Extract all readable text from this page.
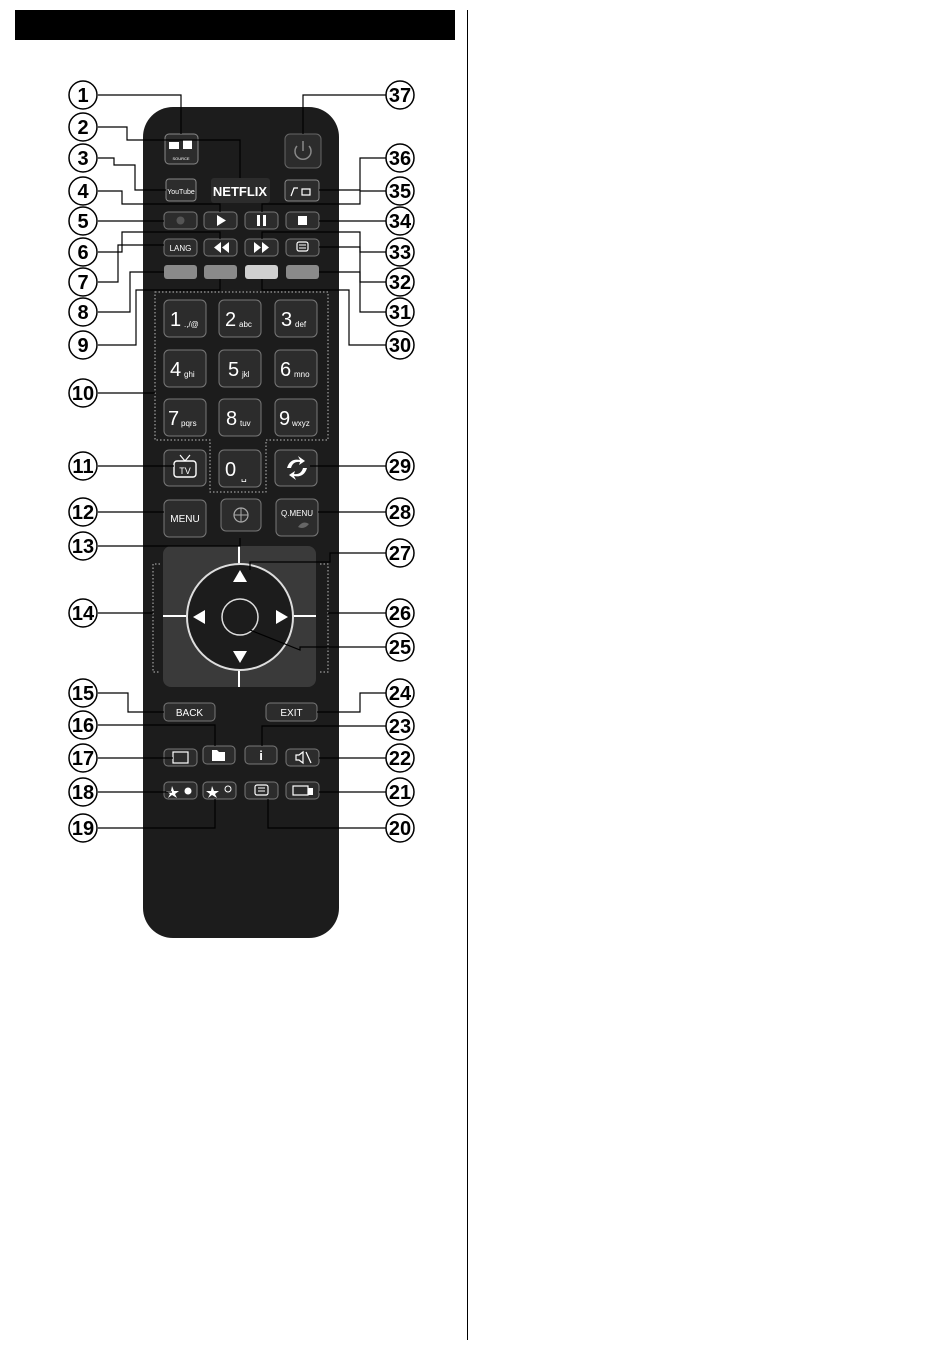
SOURCE
YouTube NETFLIX
LANG
1 .,/@ 2 abc 3 def
4 ghi 5 jkl 6 mno
7 pqrs 8 tuv 9 wxyz
TV 0 ␣
MENU
Q.MENU
BACK	EXIT
i
1
2
3
4
5
6
7
8
9
10
11
12
13
14
15
16
17
18
19	20
21
22
23
24
25
26
27
28
29
30
31
32
33
34
35
36
37
